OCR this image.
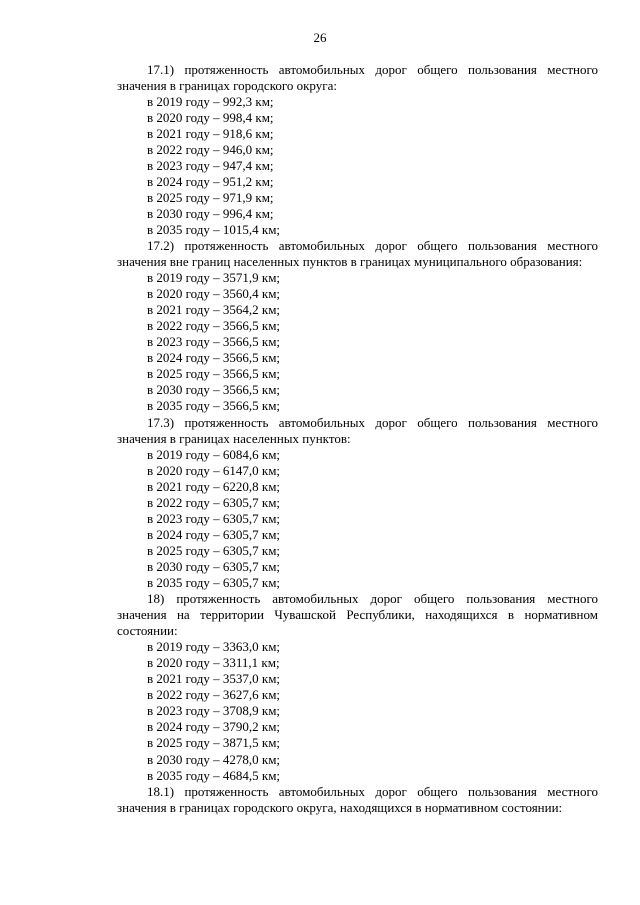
26
17.1) протяженность автомобильных дорог общего пользования местного значения в границах городского округа:
в 2019 году – 992,3 км;
в 2020 году – 998,4 км;
в 2021 году – 918,6 км;
в 2022 году – 946,0 км;
в 2023 году – 947,4 км;
в 2024 году – 951,2 км;
в 2025 году – 971,9 км;
в 2030 году – 996,4 км;
в 2035 году – 1015,4 км;
17.2) протяженность автомобильных дорог общего пользования местного значения вне границ населенных пунктов в границах муниципального образования:
в 2019 году – 3571,9 км;
в 2020 году – 3560,4 км;
в 2021 году – 3564,2 км;
в 2022 году – 3566,5 км;
в 2023 году – 3566,5 км;
в 2024 году – 3566,5 км;
в 2025 году – 3566,5 км;
в 2030 году – 3566,5 км;
в 2035 году – 3566,5 км;
17.3) протяженность автомобильных дорог общего пользования местного значения в границах населенных пунктов:
в 2019 году – 6084,6 км;
в 2020 году – 6147,0 км;
в 2021 году – 6220,8 км;
в 2022 году – 6305,7 км;
в 2023 году – 6305,7 км;
в 2024 году – 6305,7 км;
в 2025 году – 6305,7 км;
в 2030 году – 6305,7 км;
в 2035 году – 6305,7 км;
18) протяженность автомобильных дорог общего пользования местного значения на территории Чувашской Республики, находящихся в нормативном состоянии:
в 2019 году – 3363,0 км;
в 2020 году – 3311,1 км;
в 2021 году – 3537,0 км;
в 2022 году – 3627,6 км;
в 2023 году – 3708,9 км;
в 2024 году – 3790,2 км;
в 2025 году – 3871,5 км;
в 2030 году – 4278,0 км;
в 2035 году – 4684,5 км;
18.1) протяженность автомобильных дорог общего пользования местного значения в границах городского округа, находящихся в нормативном состоянии:
